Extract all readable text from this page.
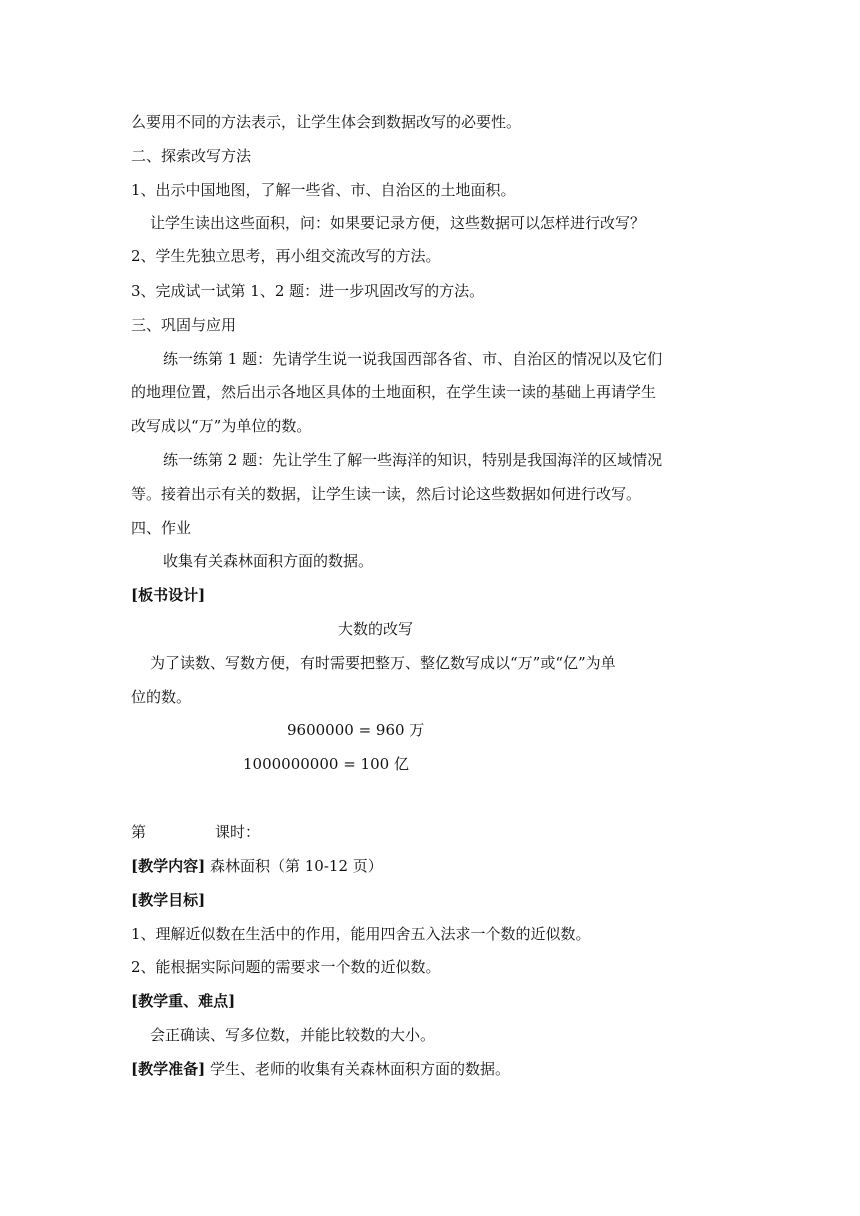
么要用不同的方法表示，让学生体会到数据改写的必要性。
二、探索改写方法
1、出示中国地图，了解一些省、市、自治区的土地面积。
让学生读出这些面积，问：如果要记录方便，这些数据可以怎样进行改写？
2、学生先独立思考，再小组交流改写的方法。
3、完成试一试第 1、2 题：进一步巩固改写的方法。
三、巩固与应用
练一练第 1 题：先请学生说一说我国西部各省、市、自治区的情况以及它们
的地理位置，然后出示各地区具体的土地面积，在学生读一读的基础上再请学生
改写成以“万”为单位的数。
练一练第 2 题：先让学生了解一些海洋的知识，特别是我国海洋的区域情况
等。接着出示有关的数据，让学生读一读，然后讨论这些数据如何进行改写。
四、作业
收集有关森林面积方面的数据。
[板书设计]
大数的改写
为了读数、写数方便，有时需要把整万、整亿数写成以“万”或“亿”为单
位的数。
9600000 = 960 万
1000000000 = 100 亿
第	课时：
[教学内容] 森林面积（第 10-12 页）
[教学目标]
1、理解近似数在生活中的作用，能用四舍五入法求一个数的近似数。
2、能根据实际问题的需要求一个数的近似数。
[教学重、难点]
会正确读、写多位数，并能比较数的大小。
[教学准备] 学生、老师的收集有关森林面积方面的数据。
